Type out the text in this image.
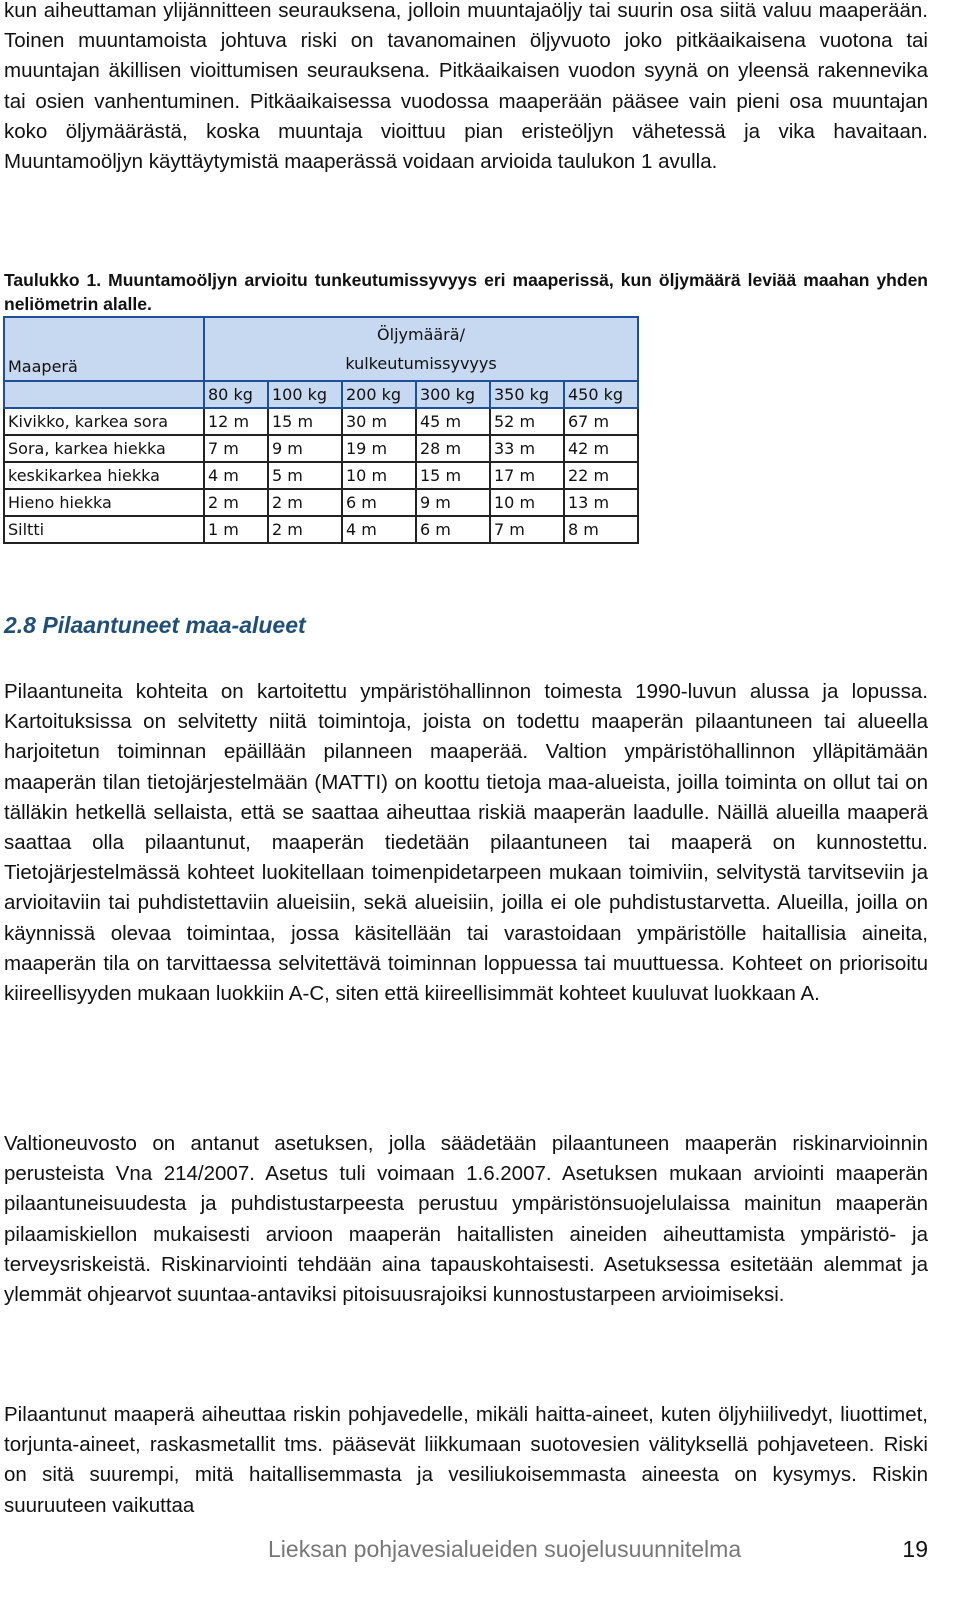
kun aiheuttaman ylijännitteen seurauksena, jolloin muuntajaöljy tai suurin osa siitä valuu maaperään. Toinen muuntamoista johtuva riski on tavanomainen öljyvuoto joko pitkäaikaisena vuotona tai muuntajan äkillisen vioittumisen seurauksena. Pitkäaikaisen vuodon syynä on yleensä rakennevika tai osien vanhentuminen. Pitkäaikaisessa vuodossa maaperään pääsee vain pieni osa muuntajan koko öljymäärästä, koska muuntaja vioittuu pian eristeöljyn vähetessä ja vika havaitaan. Muuntamoöljyn käyttäytymistä maaperässä voidaan arvioida taulukon 1 avulla.

Taulukko 1. Muuntamoöljyn arvioitu tunkeutumissyvyys eri maaperissä, kun öljymäärä leviää maahan yhden neliömetrin alalle.

Maaperä	Öljymäärä/
kulkeutumissyvyys					
	80 kg	100 kg	200 kg	300 kg	350 kg	450 kg
Kivikko, karkea sora	12 m	15 m	30 m	45 m	52 m	67 m
Sora, karkea hiekka	7 m	9 m	19 m	28 m	33 m	42 m
keskikarkea hiekka	4 m	5 m	10 m	15 m	17 m	22 m
Hieno hiekka	2 m	2 m	6 m	9 m	10 m	13 m
Siltti	1 m	2 m	4 m	6 m	7 m	8 m
2.8 Pilaantuneet maa-alueet

Pilaantuneita kohteita on kartoitettu ympäristöhallinnon toimesta 1990-luvun alussa ja lopussa. Kartoituksissa on selvitetty niitä toimintoja, joista on todettu maaperän pilaantuneen tai alueella harjoitetun toiminnan epäillään pilanneen maaperää. Valtion ympäristöhallinnon ylläpitämään maaperän tilan tietojärjestelmään (MATTI) on koottu tietoja maa-alueista, joilla toiminta on ollut tai on tälläkin hetkellä sellaista, että se saattaa aiheuttaa riskiä maaperän laadulle. Näillä alueilla maaperä saattaa olla pilaantunut, maaperän tiedetään pilaantuneen tai maaperä on kunnostettu. Tietojärjestelmässä kohteet luokitellaan toimenpidetarpeen mukaan toimiviin, selvitystä tarvitseviin ja arvioitaviin tai puhdistettaviin alueisiin, sekä alueisiin, joilla ei ole puhdistustarvetta. Alueilla, joilla on käynnissä olevaa toimintaa, jossa käsitellään tai varastoidaan ympäristölle haitallisia aineita, maaperän tila on tarvittaessa selvitettävä toiminnan loppuessa tai muuttuessa. Kohteet on priorisoitu kiireellisyyden mukaan luokkiin A-C, siten että kiireellisimmät kohteet kuuluvat luokkaan A.

Valtioneuvosto on antanut asetuksen, jolla säädetään pilaantuneen maaperän riskinarvioinnin perusteista Vna 214/2007. Asetus tuli voimaan 1.6.2007. Asetuksen mukaan arviointi maaperän pilaantuneisuudesta ja puhdistustarpeesta perustuu ympäristönsuojelulaissa mainitun maaperän pilaamiskiellon mukaisesti arvioon maaperän haitallisten aineiden aiheuttamista ympäristö- ja terveysriskeistä. Riskinarviointi tehdään aina tapauskohtaisesti. Asetuksessa esitetään alemmat ja ylemmät ohjearvot suuntaa-antaviksi pitoisuusrajoiksi kunnostustarpeen arvioimiseksi.

Pilaantunut maaperä aiheuttaa riskin pohjavedelle, mikäli haitta-aineet, kuten öljyhiilivedyt, liuottimet, torjunta-aineet, raskasmetallit tms. pääsevät liikkumaan suotovesien välityksellä pohjaveteen. Riski on sitä suurempi, mitä haitallisemmasta ja vesiliukoisemmasta aineesta on kysymys. Riskin suuruuteen vaikuttaa

Lieksan pohjavesialueiden suojelusuunnitelma	19
